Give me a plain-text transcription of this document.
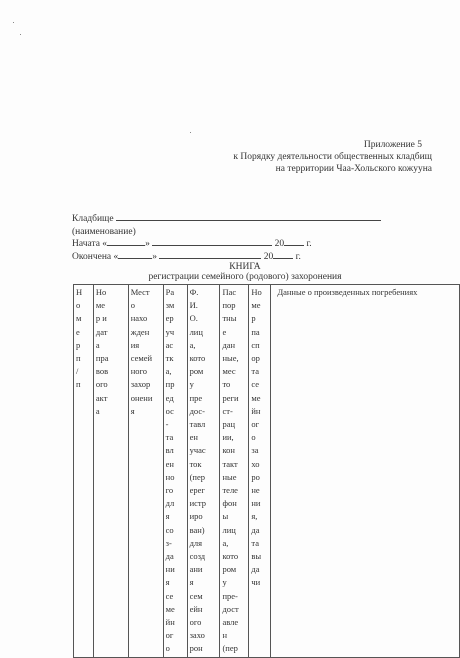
Приложение 5
к Порядку деятельности общественных кладбищ
на территории Чаа-Хольского кожууна
Кладбище
(наименование)
Начата «	»	20 г.
Окончена «	»	20 г.
КНИГА
регистрации семейного (родового) захоронения
Н
о
м
е
р
п
/
п

Но
ме
р и
дат
а
пра
вов
ого
акт
а

Мест
о
нахо
жден
ия
семей
ного
захор
онени
я

Ра
зм
ер
уч
ас
тк
а,
пр
ед
ос
-
та
вл
ен
но
го
дл
я
со
з-
да
ни
я
се
ме
йн
ог
о

Ф.
И.
О.
лиц
а,
кото
ром
у
пре
дос-
тавл
ен
учас
ток
(пер
ерег
истр
иро
ван)
для
созд
ани
я
сем
ейн
ого
захо
рон

Пас
пор
тны
е
дан
ные,
мес
то
реги
ст-
рац
ии,
кон
такт
ные
теле
фон
ы
лиц
а,
кото
ром
у
пре-
дост
авле
н
(пер

Но
ме
р
па
сп
ор
та
се
ме
йн
ог
о
за
хо
ро
не
ни
я,
да
та
вы
да
чи

Данные о произведенных погребениях
